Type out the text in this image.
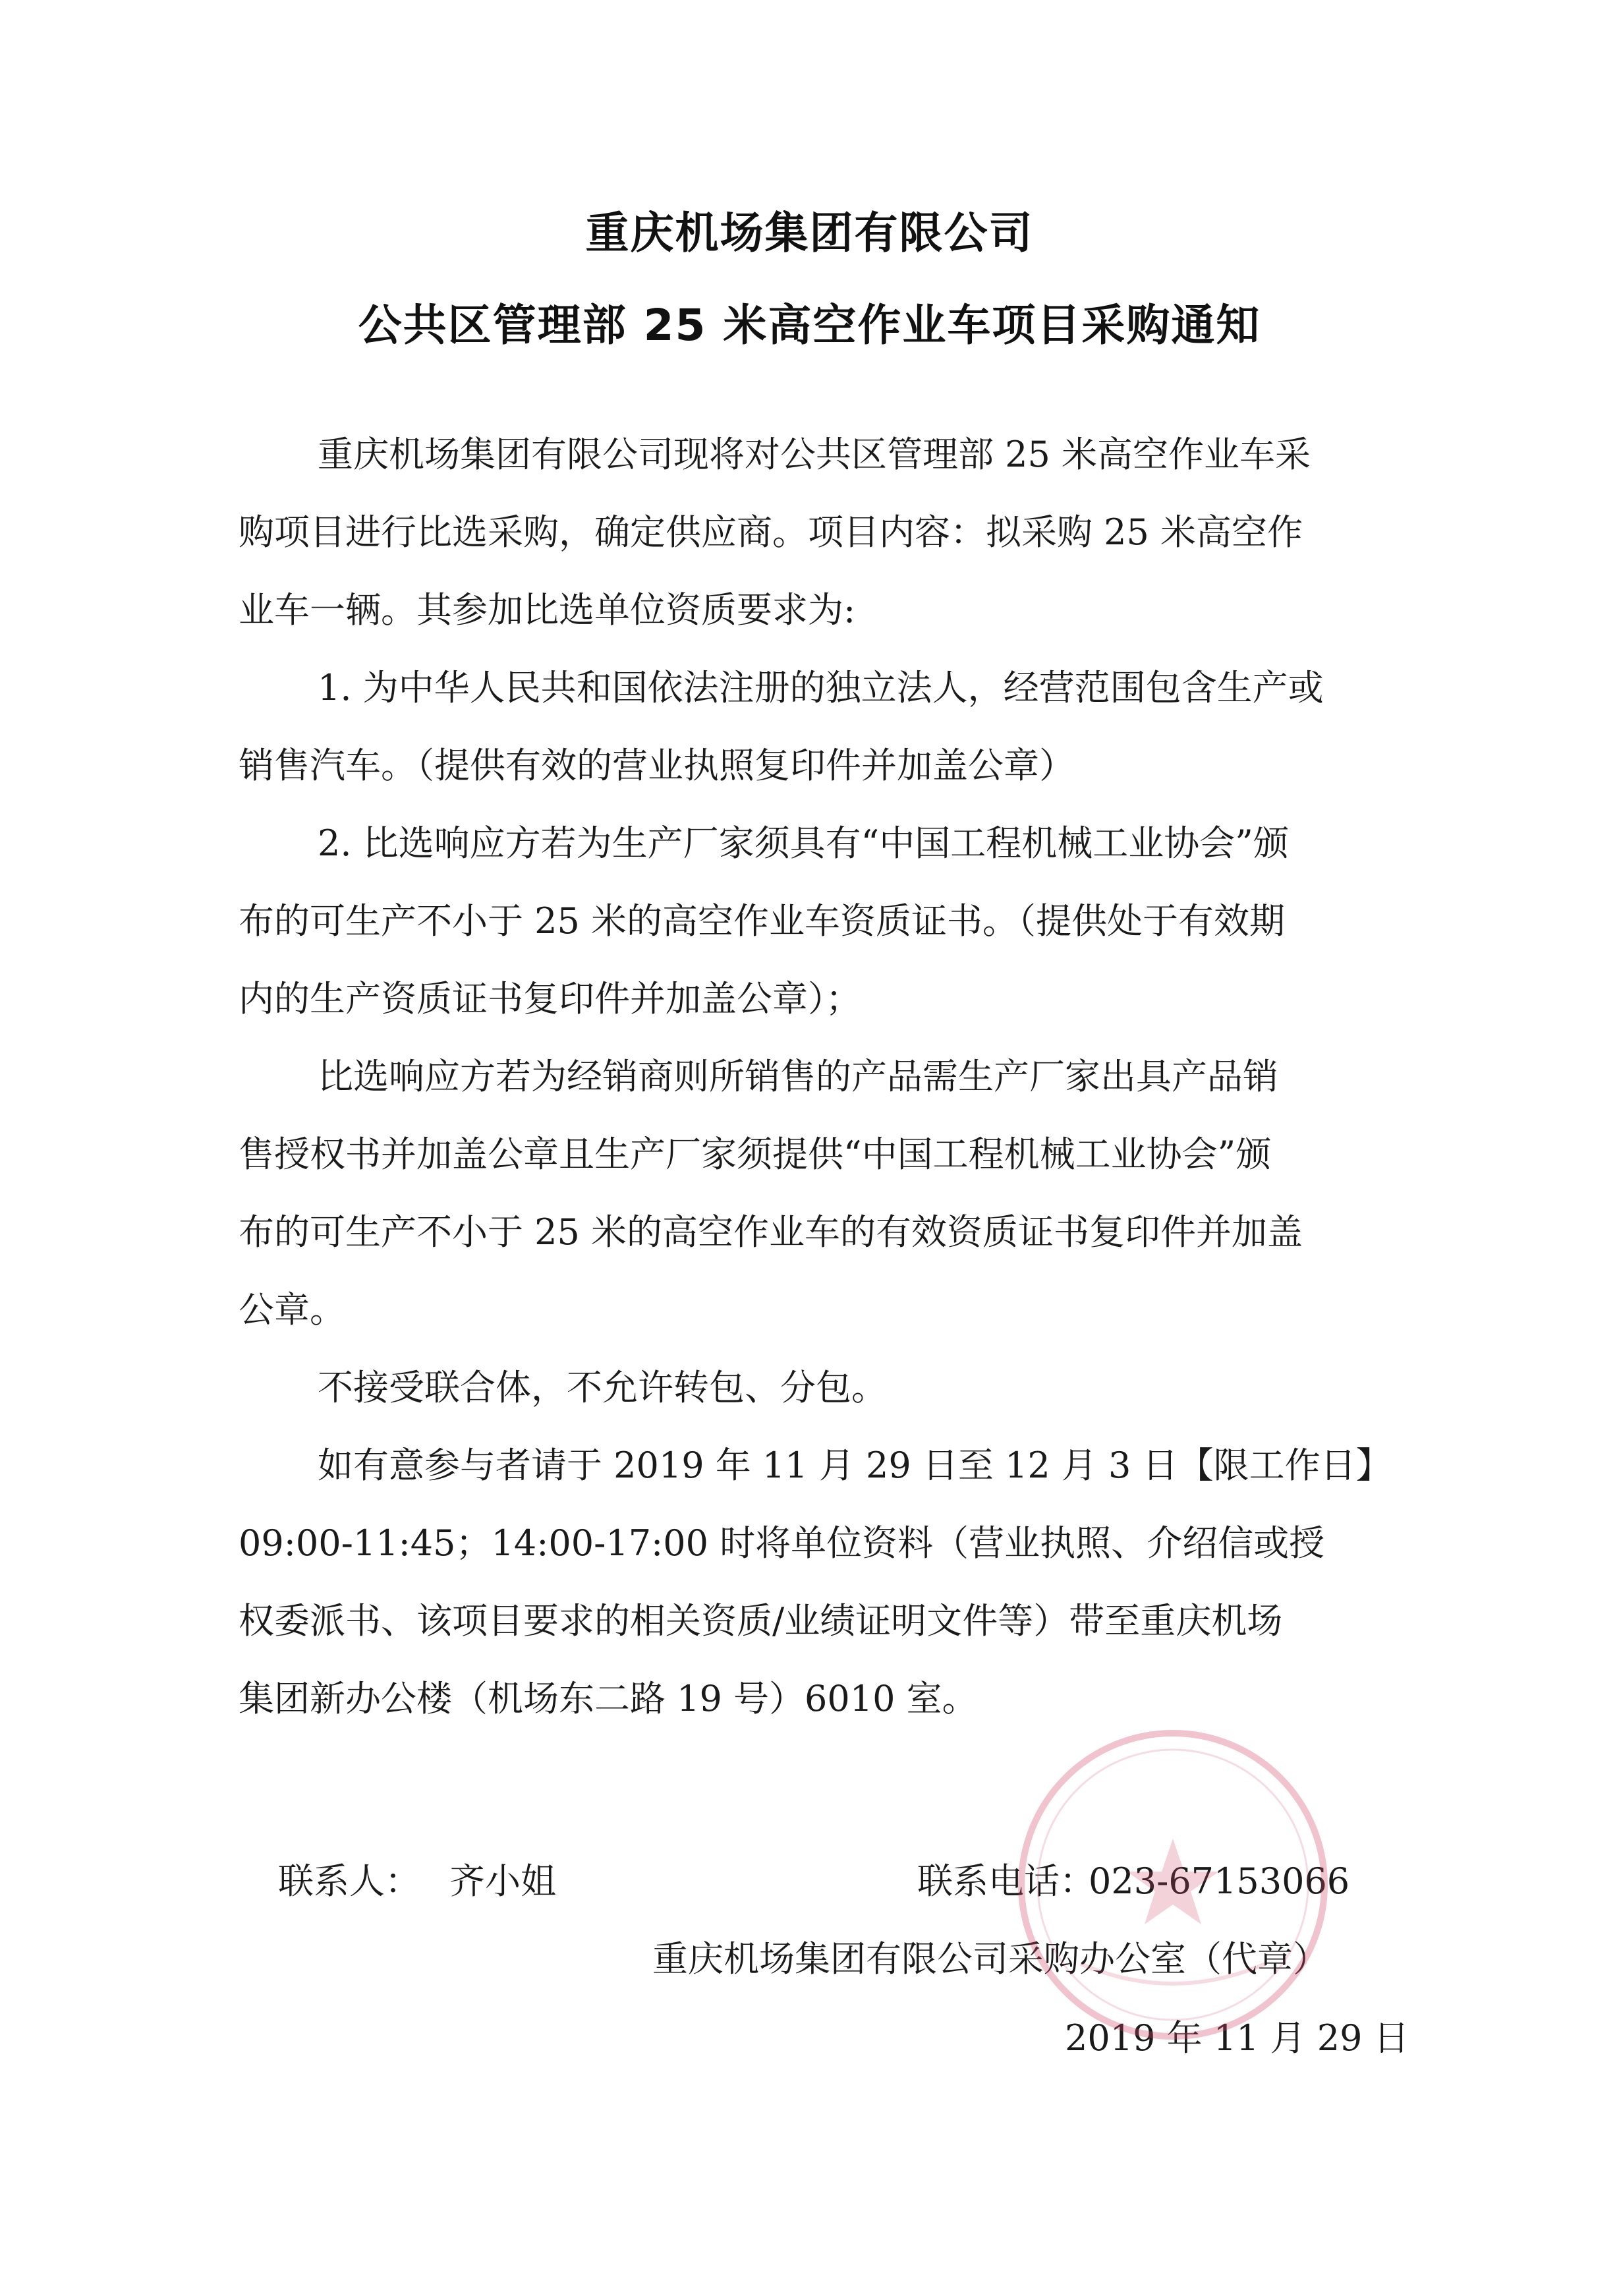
重庆机场集团有限公司
公共区管理部 25 米高空作业车项目采购通知
重庆机场集团有限公司现将对公共区管理部 25 米高空作业车采
购项目进行比选采购，确定供应商。项目内容：拟采购 25 米高空作
业车一辆。其参加比选单位资质要求为:
1. 为中华人民共和国依法注册的独立法人，经营范围包含生产或
销售汽车。（提供有效的营业执照复印件并加盖公章）
2. 比选响应方若为生产厂家须具有“中国工程机械工业协会”颁
布的可生产不小于 25 米的高空作业车资质证书。（提供处于有效期
内的生产资质证书复印件并加盖公章）；
比选响应方若为经销商则所销售的产品需生产厂家出具产品销
售授权书并加盖公章且生产厂家须提供“中国工程机械工业协会”颁
布的可生产不小于 25 米的高空作业车的有效资质证书复印件并加盖
公章。
不接受联合体，不允许转包、分包。
如有意参与者请于 2019 年 11 月 29 日至 12 月 3 日【限工作日】
09:00-11:45；14:00-17:00 时将单位资料（营业执照、介绍信或授
权委派书、该项目要求的相关资质/业绩证明文件等）带至重庆机场
集团新办公楼（机场东二路 19 号）6010 室。
联系人： 齐小姐	联系电话：
023-67153066
重庆机场集团有限公司采购办公室（代章）
2019 年 11 月 29 日
